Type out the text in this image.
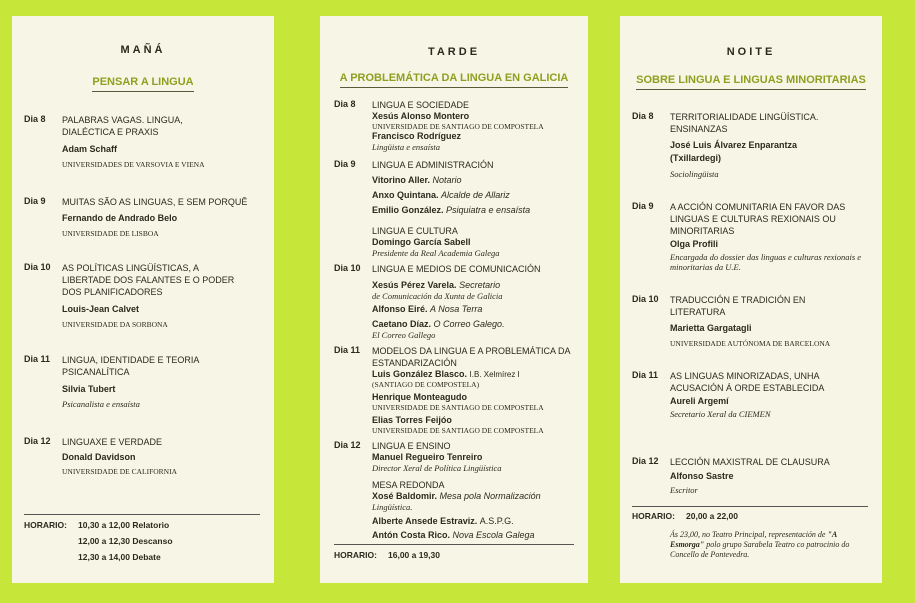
MAÑÁ
PENSAR A LINGUA
Dia 8 PALABRAS VAGAS. LINGUA, DIALÉCTICA E PRAXIS
Adam Schaff
UNIVERSIDADES DE VARSOVIA E VIENA
Dia 9 MUITAS SÃO AS LINGUAS, E SEM PORQUÊ
Fernando de Andrado Belo
UNIVERSIDADE DE LISBOA
Dia 10 AS POLÍTICAS LINGÜÍSTICAS, A LIBERTADE DOS FALANTES E O PODER DOS PLANIFICADORES
Louis-Jean Calvet
UNIVERSIDADE DA SORBONA
Dia 11 LINGUA, IDENTIDADE E TEORIA PSICANALÍTICA
Silvia Tubert
Psicanalista e ensaísta
Dia 12 LINGUAXE E VERDADE
Donald Davidson
UNIVERSIDADE DE CALIFORNIA
HORARIO: 10,30 a 12,00 Relatorio
12,00 a 12,30 Descanso
12,30 a 14,00 Debate
TARDE
A PROBLEMÁTICA DA LINGUA EN GALICIA
Dia 8 LINGUA E SOCIEDADE
Xesús Alonso Montero
UNIVERSIDADE DE SANTIAGO DE COMPOSTELA
Francisco Rodríguez
Lingüista e ensaísta
Dia 9 LINGUA E ADMINISTRACIÓN
Vitorino Aller. Notario
Anxo Quintana. Alcalde de Allariz
Emilio González. Psiquiatra e ensaísta
LINGUA E CULTURA
Domingo García Sabell
Presidente da Real Academia Galega
Dia 10 LINGUA E MEDIOS DE COMUNICACIÓN
Xesús Pérez Varela. Secretario
de Comunicación da Xunta de Galicia
Alfonso Eiré. A Nosa Terra
Caetano Díaz. O Correo Galego.
El Correo Gallego
Dia 11 MODELOS DA LINGUA E A PROBLEMÁTICA DA ESTANDARIZACIÓN
Luis González Blasco. I.B. Xelmírez I
(SANTIAGO DE COMPOSTELA)
Henrique Monteagudo
UNIVERSIDADE DE SANTIAGO DE COMPOSTELA
Elias Torres Feijóo
UNIVERSIDADE DE SANTIAGO DE COMPOSTELA
Dia 12 LINGUA E ENSINO
Manuel Regueiro Tenreiro
Director Xeral de Política Lingüística
MESA REDONDA
Xosé Baldomir. Mesa pola Normalización
Lingüística.
Alberte Ansede Estraviz. A.S.P.G.
Antón Costa Rico. Nova Escola Galega
HORARIO: 16,00 a 19,30
NOITE
SOBRE LINGUA E LINGUAS MINORITARIAS
Dia 8 TERRITORIALIDADE LINGÜÍSTICA. ENSINANZAS
José Luis Álvarez Enparantza
(Txillardegi)
Sociolingüista
Dia 9 A ACCIÓN COMUNITARIA EN FAVOR DAS LINGUAS E CULTURAS REXIONAIS OU MINORITARIAS
Olga Profili
Encargada do dossier das linguas e culturas rexionais e minoritarias da U.E.
Dia 10 TRADUCCIÓN E TRADICIÓN EN LITERATURA
Marietta Gargatagli
UNIVERSIDADE AUTÓNOMA DE BARCELONA
Dia 11 AS LINGUAS MINORIZADAS, UNHA ACUSACIÓN Á ORDE ESTABLECIDA
Aureli Argemí
Secretario Xeral da CIEMEN
Dia 12 LECCIÓN MAXISTRAL DE CLAUSURA
Alfonso Sastre
Escritor
HORARIO: 20,00 a 22,00
Ás 23,00, no Teatro Principal, representación de "A Esmorga" polo grupo Sarabela Teatro co patrocinio do Concello de Pontevedra.
